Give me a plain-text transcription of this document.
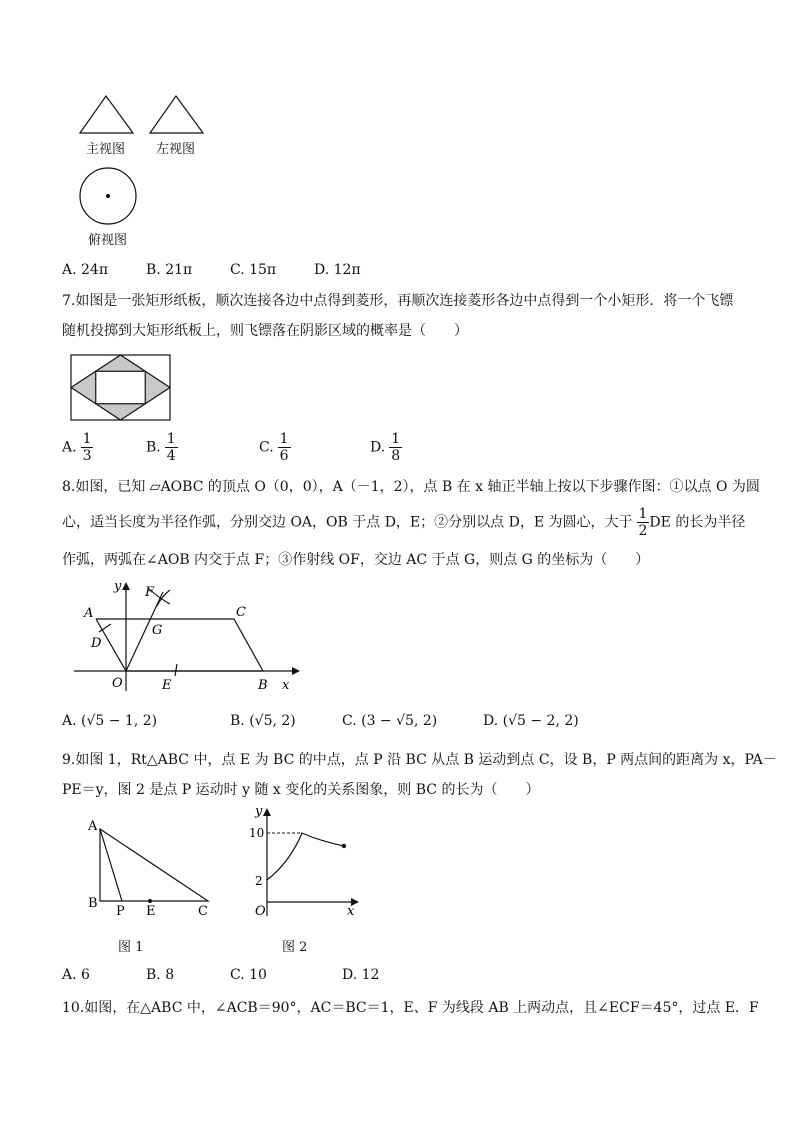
主视图 左视图
俯视图
A. 24π	B. 21π	C. 15π	D. 12π
7.如图是一张矩形纸板，顺次连接各边中点得到菱形，再顺次连接菱形各边中点得到一个小矩形．将一个飞镖
随机投掷到大矩形纸板上，则飞镖落在阴影区域的概率是（　　）
A. $\frac{1}{3}$	B. $\frac{1}{4}$	C. $\frac{1}{6}$	D. $\frac{1}{8}$
8.如图，已知 ▱AOBC 的顶点 O（0，0），A（－1，2），点 B 在 x 轴正半轴上按以下步骤作图：①以点 O 为圆
心，适当长度为半径作弧，分别交边 OA，OB 于点 D，E；②分别以点 D，E 为圆心，大于 $\frac{1}{2}$ DE 的长为半径
作弧，两弧在∠AOB 内交于点 F；③作射线 OF，交边 AC 于点 G，则点 G 的坐标为（　　）
y F
A	C
G
D
O	E	B x
A. (√5 − 1, 2)	B. (√5, 2)	C. (3 − √5, 2)	D. (√5 − 2, 2)
9.如图 1，Rt△ABC 中，点 E 为 BC 的中点，点 P 沿 BC 从点 B 运动到点 C，设 B，P 两点间的距离为 x，PA－
PE＝y，图 2 是点 P 运动时 y 随 x 变化的关系图象，则 BC 的长为（　　）
A
B
P E	C
图 1
y
10
2
O	x
图 2
A. 6	B. 8	C. 10	D. 12
10.如图，在△ABC 中，∠ACB＝90°，AC＝BC＝1，E、F 为线段 AB 上两动点，且∠ECF＝45°，过点 E．F
